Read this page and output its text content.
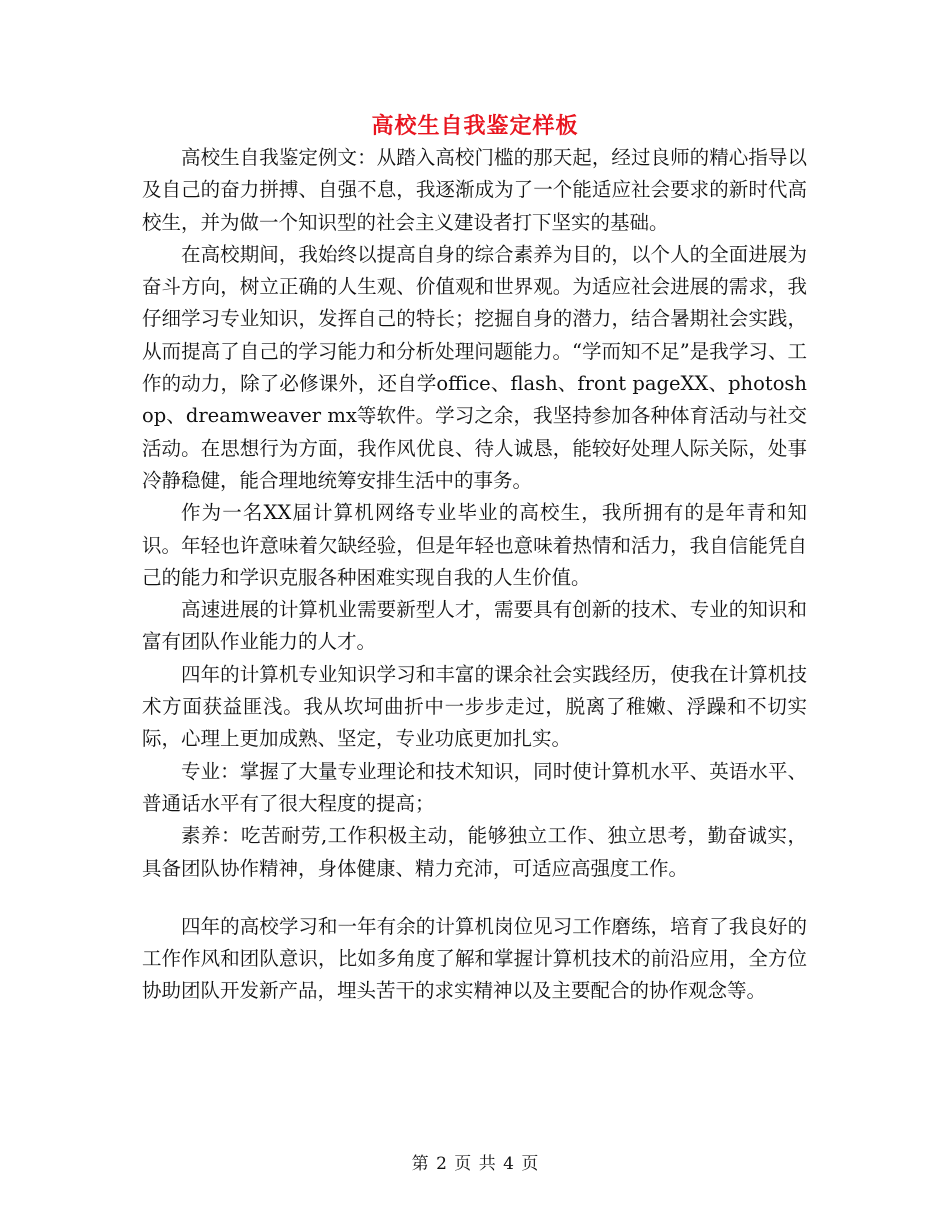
高校生自我鉴定样板

高校生自我鉴定例文：从踏入高校门槛的那天起，经过良师的精心指导以及自己的奋力拼搏、自强不息，我逐渐成为了一个能适应社会要求的新时代高校生，并为做一个知识型的社会主义建设者打下坚实的基础。

在高校期间，我始终以提高自身的综合素养为目的，以个人的全面进展为奋斗方向，树立正确的人生观、价值观和世界观。为适应社会进展的需求，我仔细学习专业知识，发挥自己的特长；挖掘自身的潜力，结合暑期社会实践，从而提高了自己的学习能力和分析处理问题能力。“学而知不足”是我学习、工作的动力，除了必修课外，还自学office、flash、front pageXX、photoshop、dreamweaver mx等软件。学习之余，我坚持参加各种体育活动与社交活动。在思想行为方面，我作风优良、待人诚恳，能较好处理人际关际，处事冷静稳健，能合理地统筹安排生活中的事务。

作为一名XX届计算机网络专业毕业的高校生，我所拥有的是年青和知识。年轻也许意味着欠缺经验，但是年轻也意味着热情和活力，我自信能凭自己的能力和学识克服各种困难实现自我的人生价值。

高速进展的计算机业需要新型人才，需要具有创新的技术、专业的知识和富有团队作业能力的人才。

四年的计算机专业知识学习和丰富的课余社会实践经历，使我在计算机技术方面获益匪浅。我从坎坷曲折中一步步走过，脱离了稚嫩、浮躁和不切实际，心理上更加成熟、坚定，专业功底更加扎实。

专业：掌握了大量专业理论和技术知识，同时使计算机水平、英语水平、普通话水平有了很大程度的提高；

素养：吃苦耐劳,工作积极主动，能够独立工作、独立思考，勤奋诚实，具备团队协作精神，身体健康、精力充沛，可适应高强度工作。

四年的高校学习和一年有余的计算机岗位见习工作磨练，培育了我良好的工作作风和团队意识，比如多角度了解和掌握计算机技术的前沿应用，全方位协助团队开发新产品，埋头苦干的求实精神以及主要配合的协作观念等。

第 2 页 共 4 页
